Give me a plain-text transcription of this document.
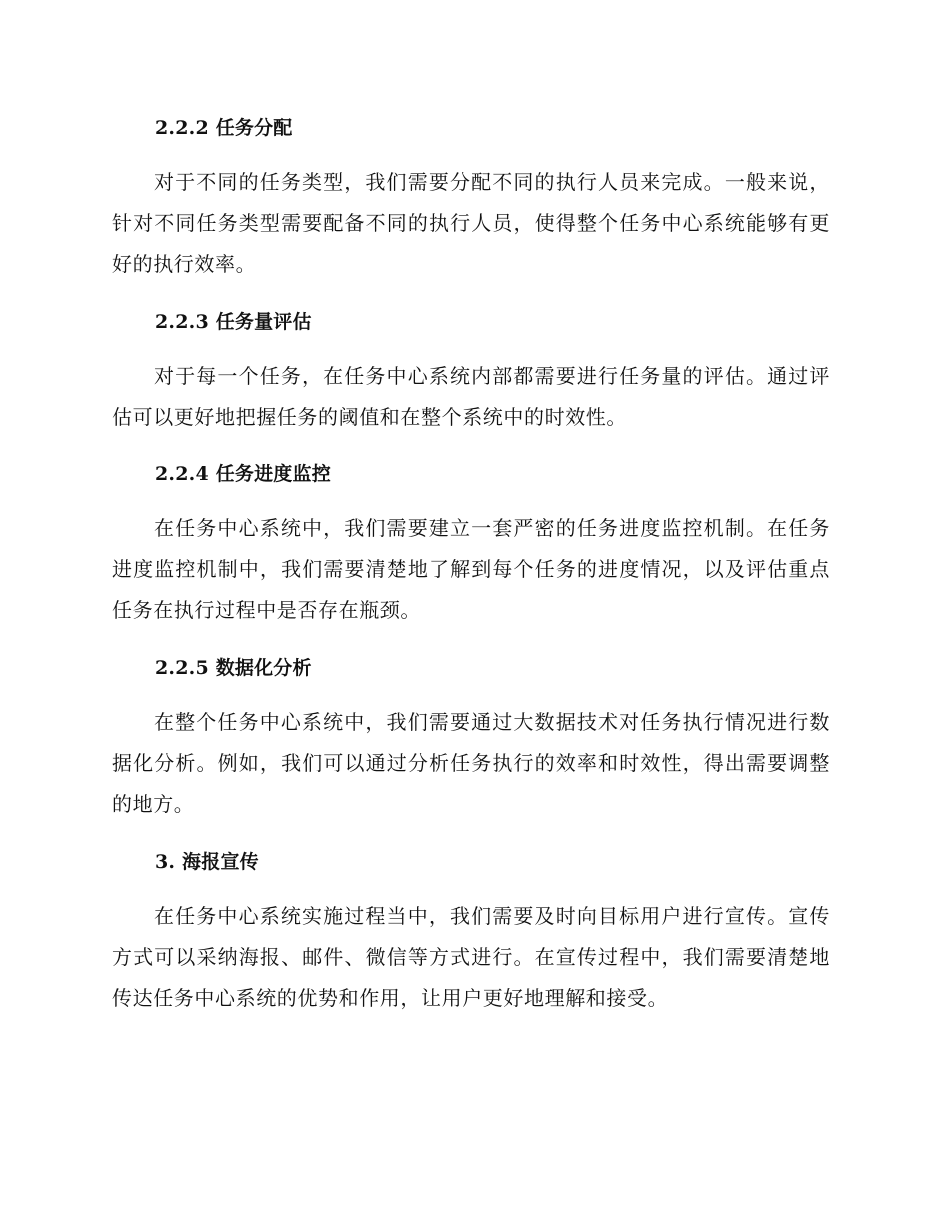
2.2.2 任务分配
对于不同的任务类型，我们需要分配不同的执行人员来完成。一般来说，针对不同任务类型需要配备不同的执行人员，使得整个任务中心系统能够有更好的执行效率。
2.2.3 任务量评估
对于每一个任务，在任务中心系统内部都需要进行任务量的评估。通过评估可以更好地把握任务的阈值和在整个系统中的时效性。
2.2.4 任务进度监控
在任务中心系统中，我们需要建立一套严密的任务进度监控机制。在任务进度监控机制中，我们需要清楚地了解到每个任务的进度情况，以及评估重点任务在执行过程中是否存在瓶颈。
2.2.5 数据化分析
在整个任务中心系统中，我们需要通过大数据技术对任务执行情况进行数据化分析。例如，我们可以通过分析任务执行的效率和时效性，得出需要调整的地方。
3. 海报宣传
在任务中心系统实施过程当中，我们需要及时向目标用户进行宣传。宣传方式可以采纳海报、邮件、微信等方式进行。在宣传过程中，我们需要清楚地传达任务中心系统的优势和作用，让用户更好地理解和接受。
